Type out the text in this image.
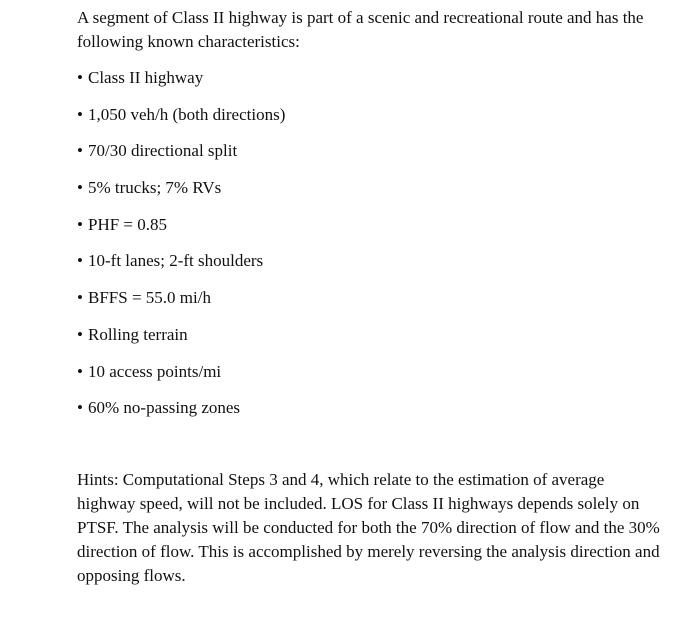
A segment of Class II highway is part of a scenic and recreational route and has the following known characteristics:

• Class II highway
• 1,050 veh/h (both directions)
• 70/30 directional split
• 5% trucks; 7% RVs
• PHF = 0.85
• 10-ft lanes; 2-ft shoulders
• BFFS = 55.0 mi/h
• Rolling terrain
• 10 access points/mi
• 60% no-passing zones

Hints: Computational Steps 3 and 4, which relate to the estimation of average highway speed, will not be included. LOS for Class II highways depends solely on PTSF. The analysis will be conducted for both the 70% direction of flow and the 30% direction of flow. This is accomplished by merely reversing the analysis direction and opposing flows.
